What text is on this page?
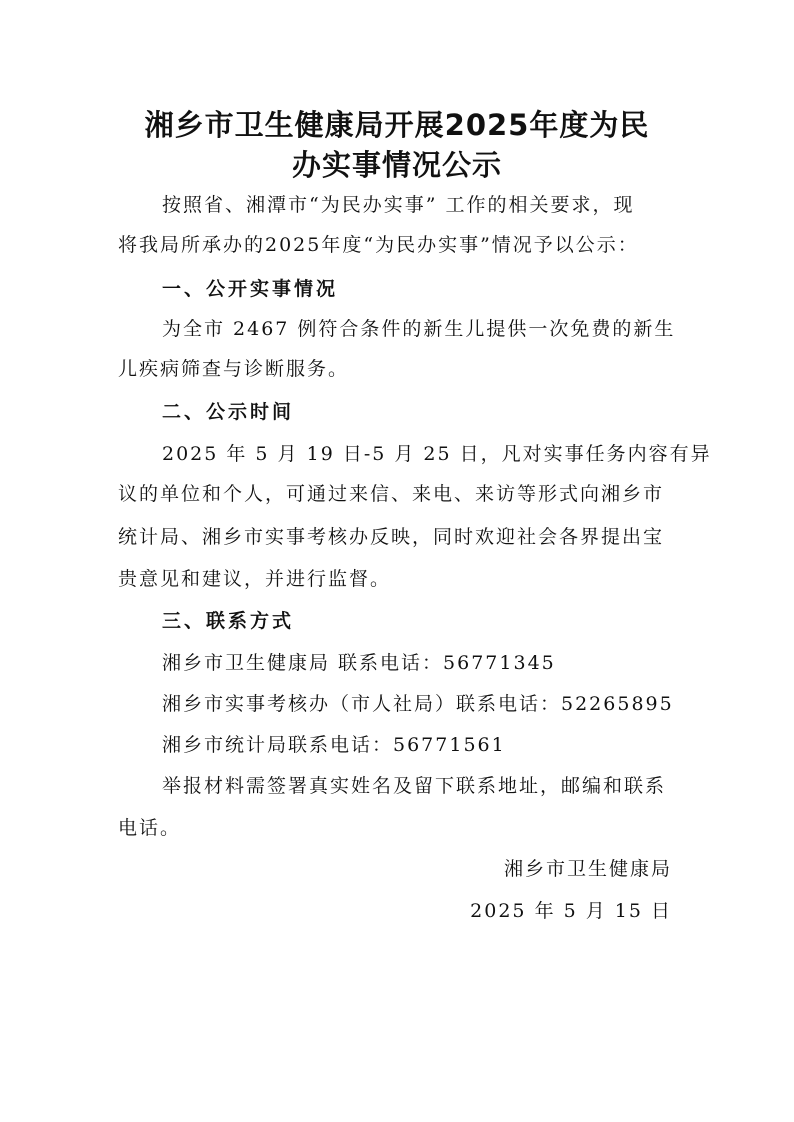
湘乡市卫生健康局开展2025年度为民
办实事情况公示

按照省、湘潭市“为民办实事” 工作的相关要求，现

将我局所承办的2025年度“为民办实事”情况予以公示：

一、公开实事情况

为全市 2467 例符合条件的新生儿提供一次免费的新生

儿疾病筛查与诊断服务。

二、公示时间

2025 年 5 月 19 日-5 月 25 日，凡对实事任务内容有异

议的单位和个人，可通过来信、来电、来访等形式向湘乡市

统计局、湘乡市实事考核办反映，同时欢迎社会各界提出宝

贵意见和建议，并进行监督。

三、联系方式

湘乡市卫生健康局 联系电话：56771345

湘乡市实事考核办（市人社局）联系电话：52265895

湘乡市统计局联系电话：56771561

举报材料需签署真实姓名及留下联系地址，邮编和联系

电话。

湘乡市卫生健康局

2025 年 5 月 15 日
